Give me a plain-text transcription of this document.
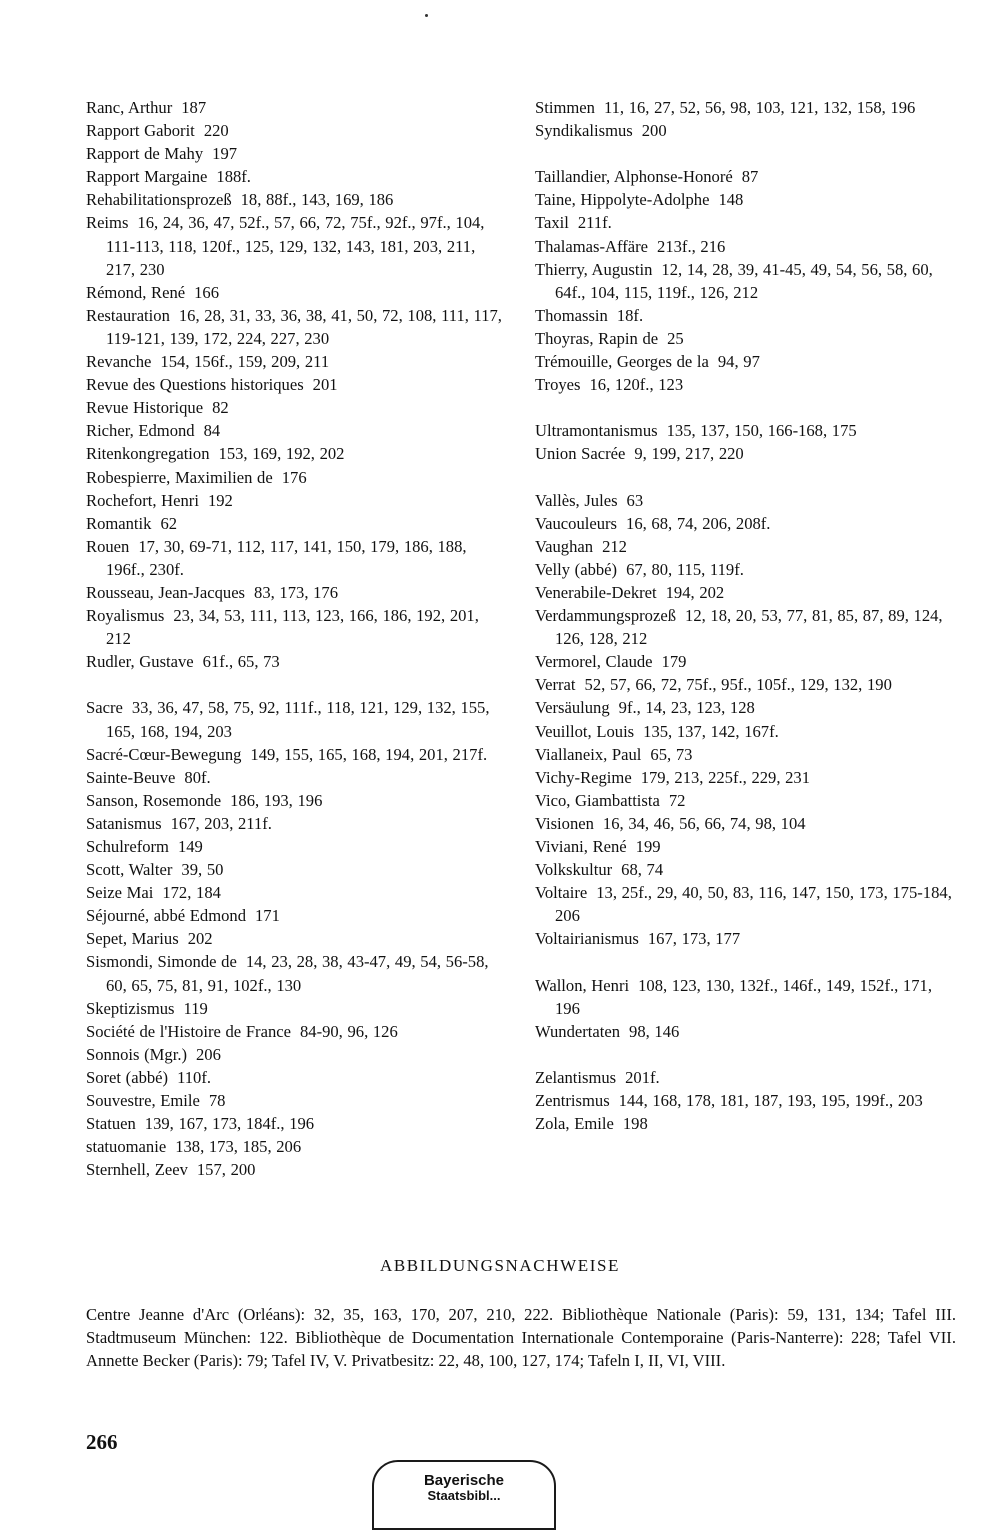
Ranc, Arthur 187
Rapport Gaborit 220
Rapport de Mahy 197
Rapport Margaine 188f.
Rehabilitationsprozeß 18, 88f., 143, 169, 186
Reims 16, 24, 36, 47, 52f., 57, 66, 72, 75f., 92f., 97f., 104, 111-113, 118, 120f., 125, 129, 132, 143, 181, 203, 211, 217, 230
Rémond, René 166
Restauration 16, 28, 31, 33, 36, 38, 41, 50, 72, 108, 111, 117, 119-121, 139, 172, 224, 227, 230
Revanche 154, 156f., 159, 209, 211
Revue des Questions historiques 201
Revue Historique 82
Richer, Edmond 84
Ritenkongregation 153, 169, 192, 202
Robespierre, Maximilien de 176
Rochefort, Henri 192
Romantik 62
Rouen 17, 30, 69-71, 112, 117, 141, 150, 179, 186, 188, 196f., 230f.
Rousseau, Jean-Jacques 83, 173, 176
Royalismus 23, 34, 53, 111, 113, 123, 166, 186, 192, 201, 212
Rudler, Gustave 61f., 65, 73
Sacre 33, 36, 47, 58, 75, 92, 111f., 118, 121, 129, 132, 155, 165, 168, 194, 203
Sacré-Cœur-Bewegung 149, 155, 165, 168, 194, 201, 217f.
Sainte-Beuve 80f.
Sanson, Rosemonde 186, 193, 196
Satanismus 167, 203, 211f.
Schulreform 149
Scott, Walter 39, 50
Seize Mai 172, 184
Séjourné, abbé Edmond 171
Sepet, Marius 202
Sismondi, Simonde de 14, 23, 28, 38, 43-47, 49, 54, 56-58, 60, 65, 75, 81, 91, 102f., 130
Skeptizismus 119
Société de l'Histoire de France 84-90, 96, 126
Sonnois (Mgr.) 206
Soret (abbé) 110f.
Souvestre, Emile 78
Statuen 139, 167, 173, 184f., 196
statuomanie 138, 173, 185, 206
Sternhell, Zeev 157, 200
Stimmen 11, 16, 27, 52, 56, 98, 103, 121, 132, 158, 196
Syndikalismus 200
Taillandier, Alphonse-Honoré 87
Taine, Hippolyte-Adolphe 148
Taxil 211f.
Thalamas-Affäre 213f., 216
Thierry, Augustin 12, 14, 28, 39, 41-45, 49, 54, 56, 58, 60, 64f., 104, 115, 119f., 126, 212
Thomassin 18f.
Thoyras, Rapin de 25
Trémouille, Georges de la 94, 97
Troyes 16, 120f., 123
Ultramontanismus 135, 137, 150, 166-168, 175
Union Sacrée 9, 199, 217, 220
Vallès, Jules 63
Vaucouleurs 16, 68, 74, 206, 208f.
Vaughan 212
Velly (abbé) 67, 80, 115, 119f.
Venerabile-Dekret 194, 202
Verdammungsprozeß 12, 18, 20, 53, 77, 81, 85, 87, 89, 124, 126, 128, 212
Vermorel, Claude 179
Verrat 52, 57, 66, 72, 75f., 95f., 105f., 129, 132, 190
Versäulung 9f., 14, 23, 123, 128
Veuillot, Louis 135, 137, 142, 167f.
Viallaneix, Paul 65, 73
Vichy-Regime 179, 213, 225f., 229, 231
Vico, Giambattista 72
Visionen 16, 34, 46, 56, 66, 74, 98, 104
Viviani, René 199
Volkskultur 68, 74
Voltaire 13, 25f., 29, 40, 50, 83, 116, 147, 150, 173, 175-184, 206
Voltairianismus 167, 173, 177
Wallon, Henri 108, 123, 130, 132f., 146f., 149, 152f., 171, 196
Wundertaten 98, 146
Zelantismus 201f.
Zentrismus 144, 168, 178, 181, 187, 193, 195, 199f., 203
Zola, Emile 198
ABBILDUNGSNACHWEISE

Centre Jeanne d'Arc (Orléans): 32, 35, 163, 170, 207, 210, 222. Bibliothèque Nationale (Paris): 59, 131, 134; Tafel III. Stadtmuseum München: 122. Bibliothèque de Documentation Internationale Contemporaine (Paris-Nanterre): 228; Tafel VII. Annette Becker (Paris): 79; Tafel IV, V. Privatbesitz: 22, 48, 100, 127, 174; Tafeln I, II, VI, VIII.

266
Bayerische
Staatsbibl...
